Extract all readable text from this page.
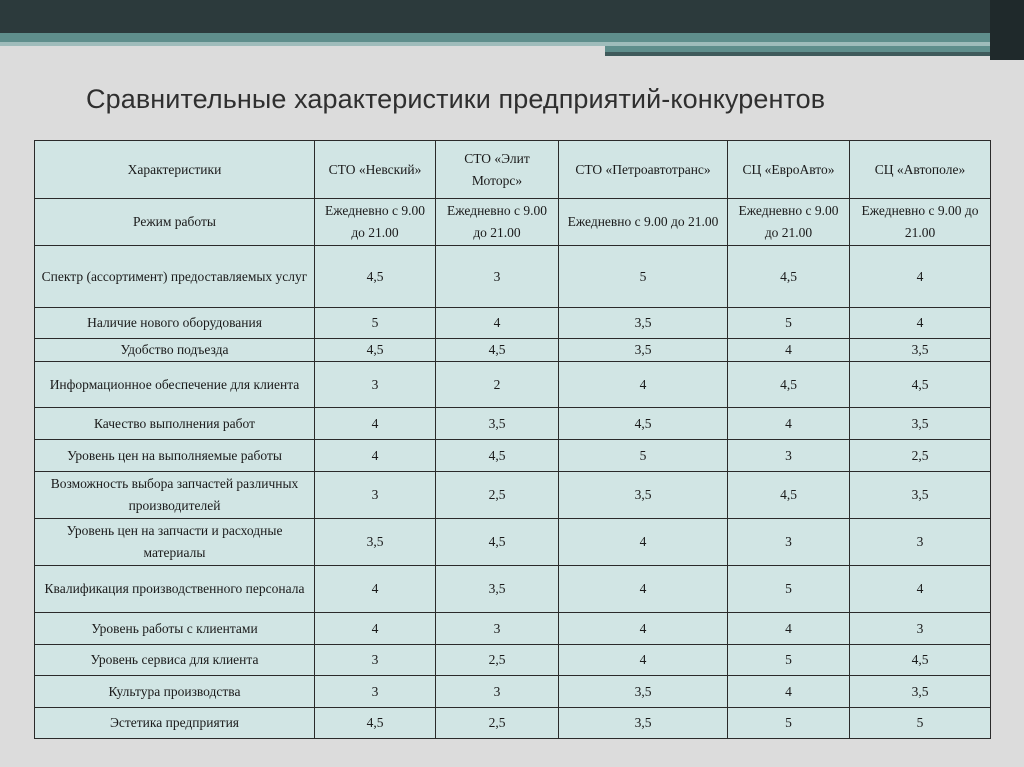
Сравнительные характеристики предприятий-конкурентов
Характеристики	СТО «Невский»	СТО «Элит Моторс»	СТО «Петроавтотранс»	СЦ «ЕвроАвто»	СЦ «Автополе»
Режим работы	Ежедневно с 9.00 до 21.00	Ежедневно с 9.00 до 21.00	Ежедневно с 9.00 до 21.00	Ежедневно с 9.00 до 21.00	Ежедневно с 9.00 до 21.00
Спектр (ассортимент) предоставляемых услуг	4,5	3	5	4,5	4
Наличие нового оборудования	5	4	3,5	5	4
Удобство подъезда	4,5	4,5	3,5	4	3,5
Информационное обеспечение для клиента	3	2	4	4,5	4,5
Качество выполнения работ	4	3,5	4,5	4	3,5
Уровень цен на выполняемые работы	4	4,5	5	3	2,5
Возможность выбора запчастей различных производителей	3	2,5	3,5	4,5	3,5
Уровень цен на запчасти и расходные материалы	3,5	4,5	4	3	3
Квалификация производственного персонала	4	3,5	4	5	4
Уровень работы с клиентами	4	3	4	4	3
Уровень сервиса для клиента	3	2,5	4	5	4,5
Культура производства	3	3	3,5	4	3,5
Эстетика предприятия	4,5	2,5	3,5	5	5
